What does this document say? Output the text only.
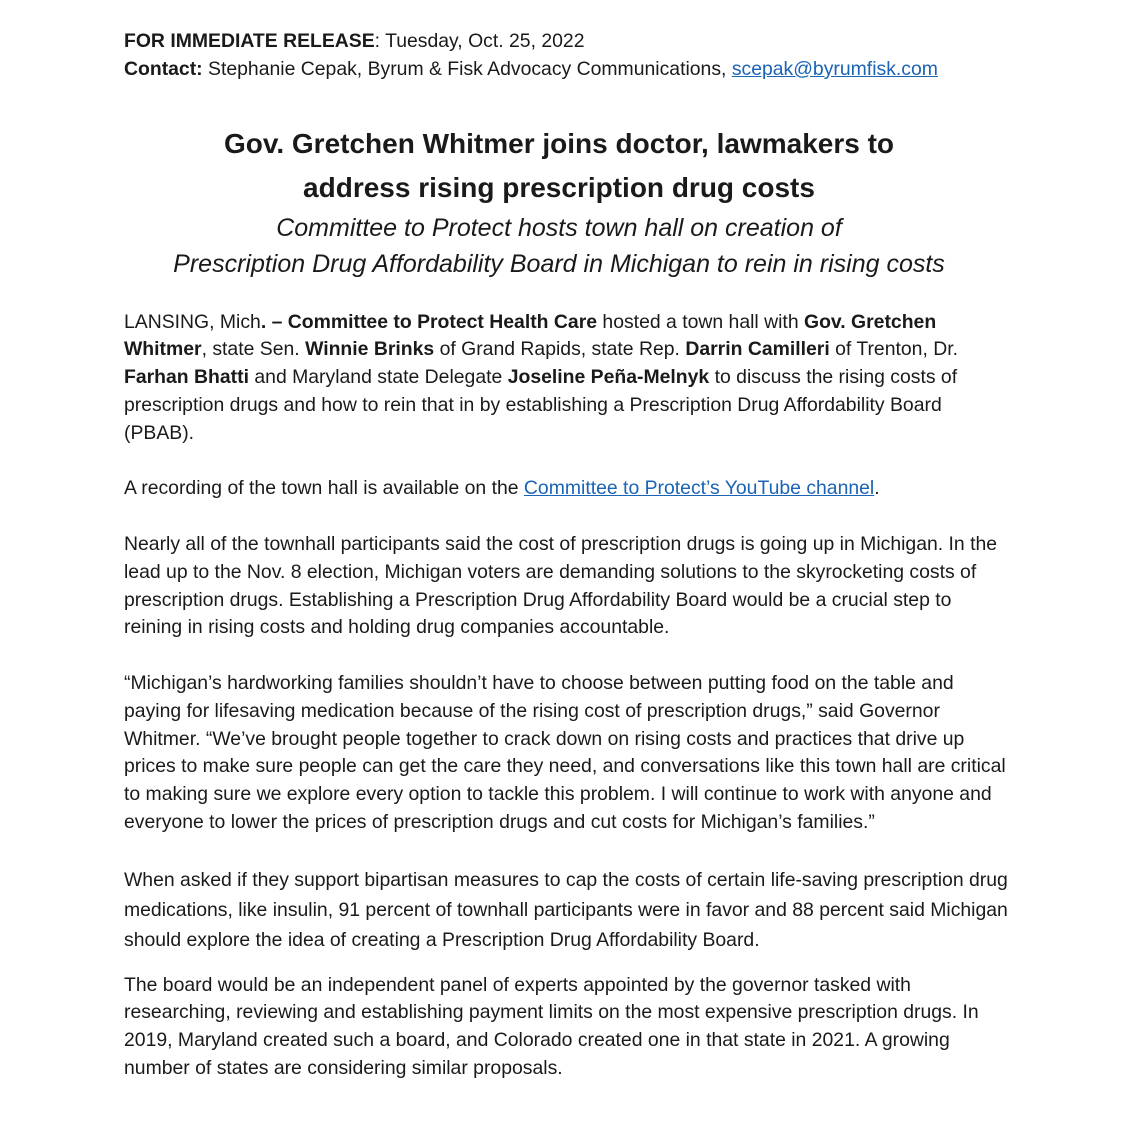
FOR IMMEDIATE RELEASE: Tuesday, Oct. 25, 2022
Contact: Stephanie Cepak, Byrum & Fisk Advocacy Communications, scepak@byrumfisk.com
Gov. Gretchen Whitmer joins doctor, lawmakers to
address rising prescription drug costs
Committee to Protect hosts town hall on creation of
Prescription Drug Affordability Board in Michigan to rein in rising costs

LANSING, Mich. – Committee to Protect Health Care hosted a town hall with Gov. Gretchen Whitmer, state Sen. Winnie Brinks of Grand Rapids, state Rep. Darrin Camilleri of Trenton, Dr. Farhan Bhatti and Maryland state Delegate Joseline Peña-Melnyk to discuss the rising costs of prescription drugs and how to rein that in by establishing a Prescription Drug Affordability Board (PBAB).

A recording of the town hall is available on the Committee to Protect’s YouTube channel.

Nearly all of the townhall participants said the cost of prescription drugs is going up in Michigan. In the lead up to the Nov. 8 election, Michigan voters are demanding solutions to the skyrocketing costs of prescription drugs. Establishing a Prescription Drug Affordability Board would be a crucial step to reining in rising costs and holding drug companies accountable.

“Michigan’s hardworking families shouldn’t have to choose between putting food on the table and paying for lifesaving medication because of the rising cost of prescription drugs,” said Governor Whitmer. “We’ve brought people together to crack down on rising costs and practices that drive up prices to make sure people can get the care they need, and conversations like this town hall are critical to making sure we explore every option to tackle this problem. I will continue to work with anyone and everyone to lower the prices of prescription drugs and cut costs for Michigan’s families.”

When asked if they support bipartisan measures to cap the costs of certain life-saving prescription drug medications, like insulin, 91 percent of townhall participants were in favor and 88 percent said Michigan should explore the idea of creating a Prescription Drug Affordability Board.

The board would be an independent panel of experts appointed by the governor tasked with researching, reviewing and establishing payment limits on the most expensive prescription drugs. In 2019, Maryland created such a board, and Colorado created one in that state in 2021. A growing number of states are considering similar proposals.
